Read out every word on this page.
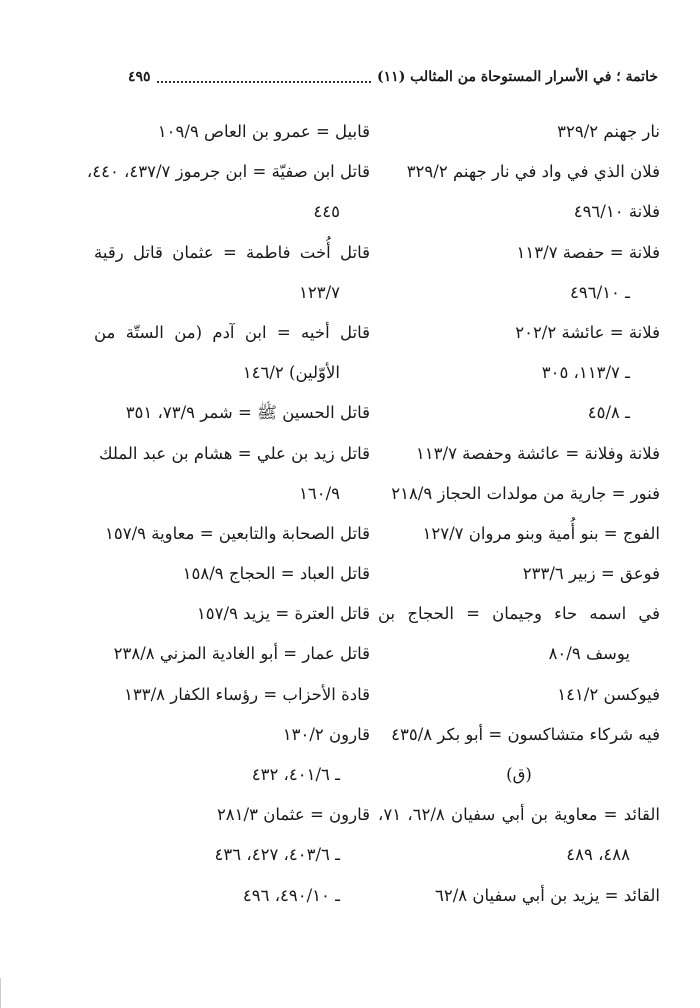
خاتمة ؛ في الأسرار المستوحاة من المثالب (١١)
٤٩٥
نار جهنم ٣٢٩/٢
فلان الذي في واد في نار جهنم ٣٢٩/٢
فلانة ٤٩٦/١٠
فلانة = حفصة ١١٣/٧
ـ ٤٩٦/١٠
فلانة = عائشة ٢٠٢/٢
ـ ١١٣/٧، ٣٠٥
ـ ٤٥/٨
فلانة وفلانة = عائشة وحفصة ١١٣/٧
فنور = جارية من مولدات الحجاز ٢١٨/٩
الفوج = بنو أُمية وبنو مروان ١٢٧/٧
فوعق = زبير ٢٣٣/٦
في اسمه حاء وجيمان = الحجاج بن
يوسف ٨٠/٩
فيوكسن ١٤١/٢
فيه شركاء متشاكسون = أبو بكر ٤٣٥/٨
(ق)
القائد = معاوية بن أبي سفيان ٦٢/٨، ٧١،
٤٨٨، ٤٨٩
القائد = يزيد بن أبي سفيان ٦٢/٨
قابيل = عمرو بن العاص ١٠٩/٩
قاتل ابن صفيّة = ابن جرموز ٤٣٧/٧، ٤٤٠،
٤٤٥
قاتل أُخت فاطمة = عثمان قاتل رقية
١٢٣/٧
قاتل أخيه = ابن آدم (من الستّة من
الأوّلين) ١٤٦/٢
قاتل الحسين ﷺ = شمر ٧٣/٩، ٣٥١
قاتل زيد بن علي = هشام بن عبد الملك
١٦٠/٩
قاتل الصحابة والتابعين = معاوية ١٥٧/٩
قاتل العباد = الحجاج ١٥٨/٩
قاتل العترة = يزيد ١٥٧/٩
قاتل عمار = أبو الغادية المزني ٢٣٨/٨
قادة الأحزاب = رؤساء الكفار ١٣٣/٨
قارون ١٣٠/٢
ـ ٤٠١/٦، ٤٣٢
قارون = عثمان ٢٨١/٣
ـ ٤٠٣/٦، ٤٢٧، ٤٣٦
ـ ٤٩٠/١٠، ٤٩٦
